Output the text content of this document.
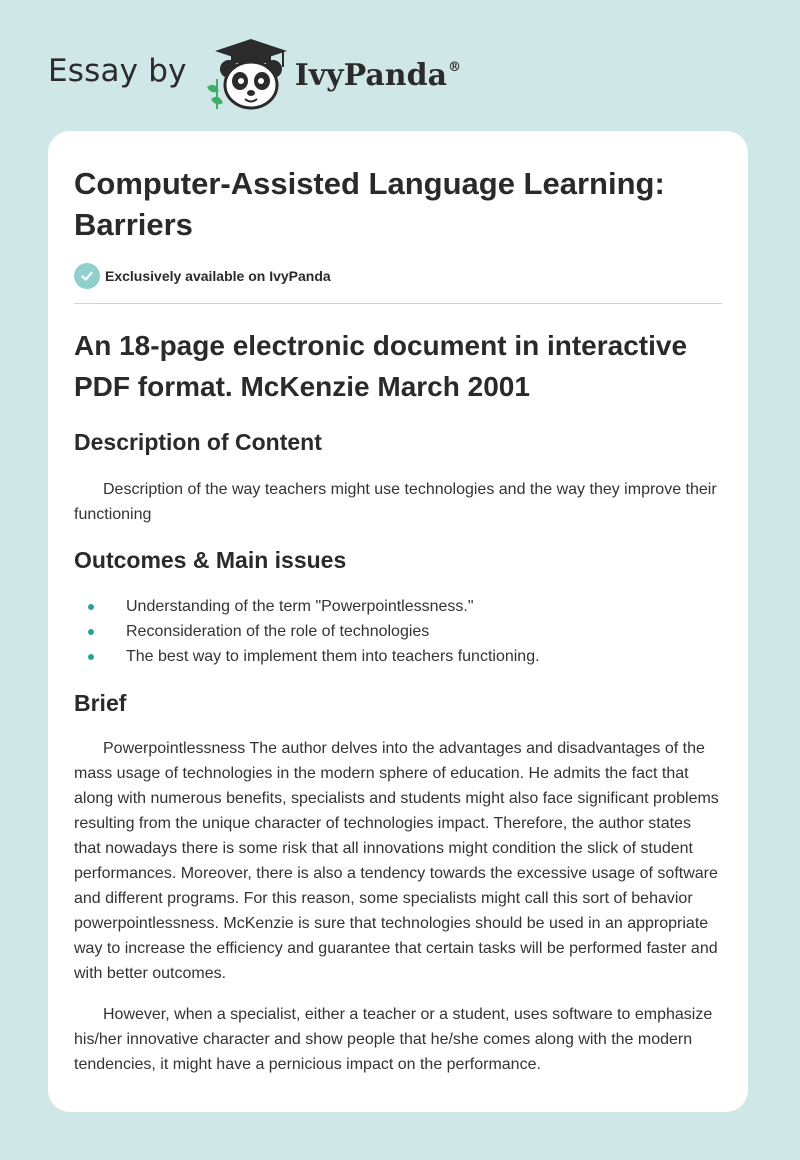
Essay by	IvyPanda®
Computer-Assisted Language Learning: Barriers
Exclusively available on IvyPanda
An 18-page electronic document in interactive PDF format. McKenzie March 2001
Description of Content

Description of the way teachers might use technologies and the way they improve their functioning

Outcomes & Main issues
Understanding of the term "Powerpointlessness."
Reconsideration of the role of technologies
The best way to implement them into teachers functioning.
Brief

Powerpointlessness The author delves into the advantages and disadvantages of the mass usage of technologies in the modern sphere of education. He admits the fact that along with numerous benefits, specialists and students might also face significant problems resulting from the unique character of technologies impact. Therefore, the author states that nowadays there is some risk that all innovations might condition the slick of student performances. Moreover, there is also a tendency towards the excessive usage of software and different programs. For this reason, some specialists might call this sort of behavior powerpointlessness. McKenzie is sure that technologies should be used in an appropriate way to increase the efficiency and guarantee that certain tasks will be performed faster and with better outcomes.

However, when a specialist, either a teacher or a student, uses software to emphasize his/her innovative character and show people that he/she comes along with the modern tendencies, it might have a pernicious impact on the performance.
